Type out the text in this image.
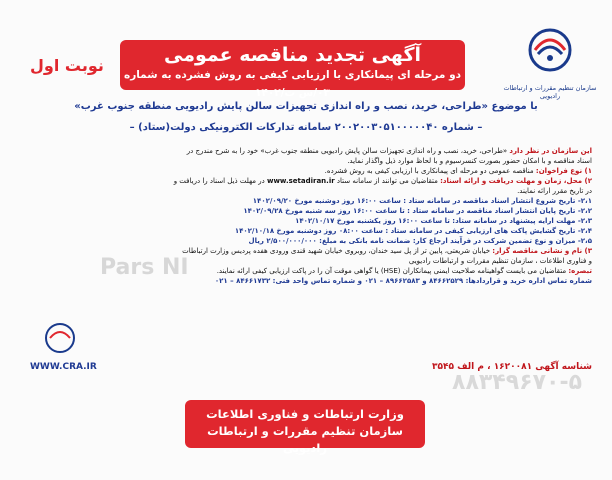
سازمان تنظیم مقررات و ارتباطات رادیویی
آگهی تجدید مناقصه عمومی
دو مرحله ای پیمانکاری با ارزیابی کیفی به روش فشرده به شماره ۰۳/س ت/۱۴۰۲
نوبت اول
با موضوع «طراحی، خرید، نصب و راه اندازی تجهیزات سالن پایش رادیویی منطقه جنوب غرب»
– شماره ۲۰۰۲۰۰۳۰۵۱۰۰۰۰۰۴۰ سامانه تدارکات الکترونیکی دولت(ستاد) –
Pars NI

این سازمان در نظر دارد «طراحی، خرید، نصب و راه اندازی تجهیزات سالن پایش رادیویی منطقه جنوب غرب» خود را به شرح مندرج در

اسناد مناقصه و با امکان حضور بصورت کنسرسیوم و با لحاظ موارد ذیل واگذار نماید.

۱) نوع فراخوان: مناقصه عمومی دو مرحله ای پیمانکاری با ارزیابی کیفی به روش فشرده.

۲) محل، زمان و مهلت دریافت و ارائه اسناد: متقاضیان می توانند از سامانه ستاد www.setadiran.ir در مهلت ذیل اسناد را دریافت و

در تاریخ مقرر ارائه نمایند.

۲،۱- تاریخ شروع انتشار اسناد مناقصه در سامانه ستاد : ساعت ۱۶:۰۰ روز دوشنبه مورخ ۱۴۰۲/۰۹/۲۰

۲،۲- تاریخ پایان انتشار اسناد مناقصه در سامانه ستاد : تا ساعت ۱۶:۰۰ روز سه شنبه مورخ ۱۴۰۲/۰۹/۲۸

۲،۳- مهلت ارایه پیشنهاد در سامانه ستاد: تا ساعت ۱۶:۰۰ روز یکشنبه مورخ ۱۴۰۲/۱۰/۱۷

۲،۴- تاریخ گشایش پاکت های ارزیابی کیفی در سامانه ستاد : ساعت ۰۸:۰۰ روز دوشنبه مورخ ۱۴۰۲/۱۰/۱۸

۲،۵- میزان و نوع تضمین شرکت در فرآیند ارجاع کار: ضمانت نامه بانکی به مبلغ: ۲/۵۰۰/۰۰۰/۰۰۰ ریال

۳) نام و نشانی مناقصه گزار: خیابان شریعتی، پایین تر از پل سید خندان، روبروی خیابان شهید قندی ورودی هفده پردیس وزارت ارتباطات

و فناوری اطلاعات ، سازمان تنظیم مقررات و ارتباطات رادیویی

تبصره: متقاضیان می بایست گواهینامه صلاحیت ایمنی پیمانکاران (HSE) یا گواهی موقت آن را در پاکت ارزیابی کیفی ارائه نمایند.

شماره تماس اداره خرید و قراردادها: ۸۴۶۶۲۵۲۹ و ۸۹۶۶۲۵۸۳ – ۰۲۱ و شماره تماس واحد فنی: ۸۴۶۶۱۷۳۲ – ۰۲۱

WWW.CRA.IR	شناسه آگهی ۱۶۲۰۰۸۱ ، م الف ۳۵۴۵
۸۸۳۴۹۶۷۰-۵
وزارت ارتباطات و فناوری اطلاعات
سازمان تنظیم مقررات و ارتباطات رادیویی
